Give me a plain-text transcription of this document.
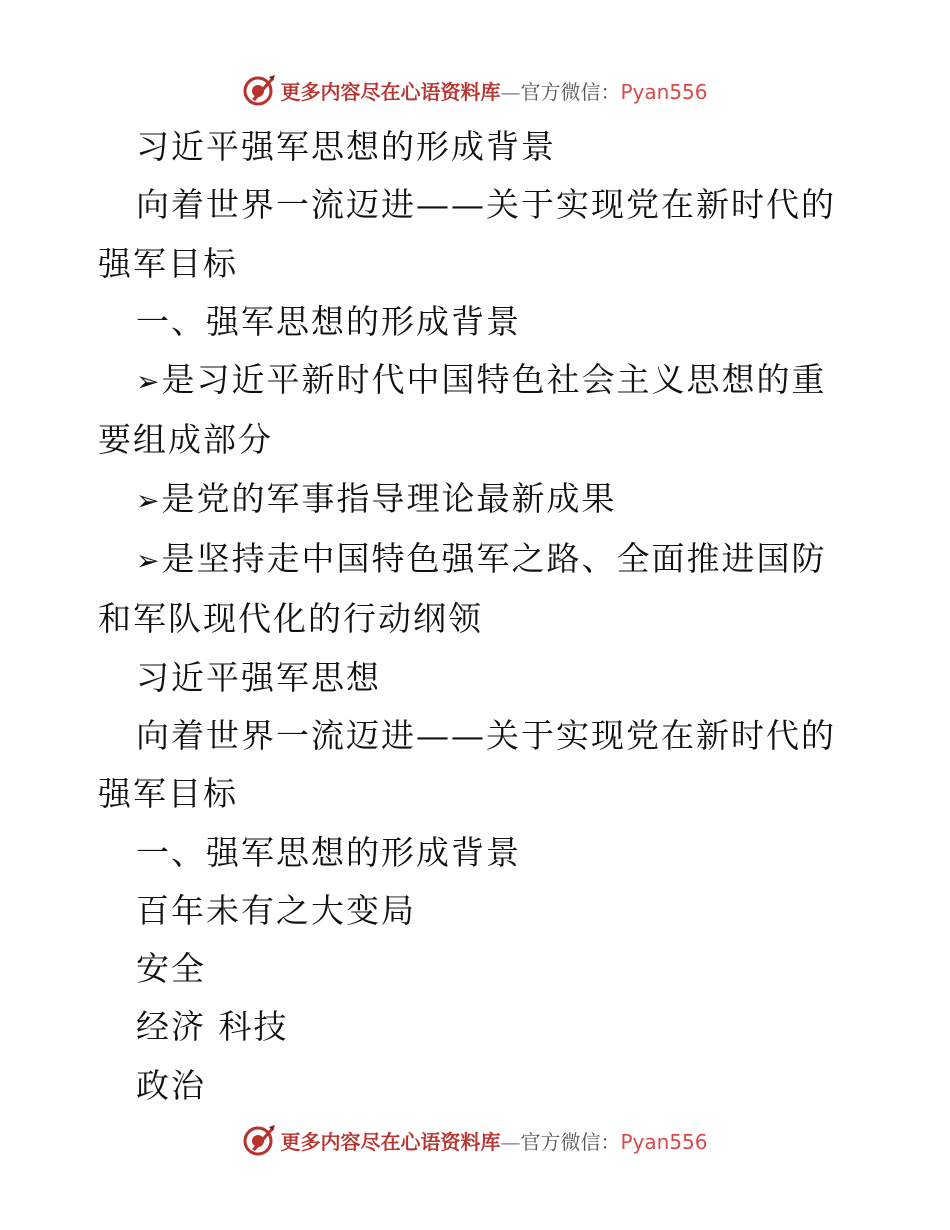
更多内容尽在心语资料库—官方微信：Pyan556

习近平强军思想的形成背景

向着世界一流迈进——关于实现党在新时代的强军目标

一、强军思想的形成背景

➢是习近平新时代中国特色社会主义思想的重要组成部分

➢是党的军事指导理论最新成果

➢是坚持走中国特色强军之路、全面推进国防和军队现代化的行动纲领

习近平强军思想

向着世界一流迈进——关于实现党在新时代的强军目标

一、强军思想的形成背景

百年未有之大变局

安全

经济 科技

政治

更多内容尽在心语资料库—官方微信：Pyan556
